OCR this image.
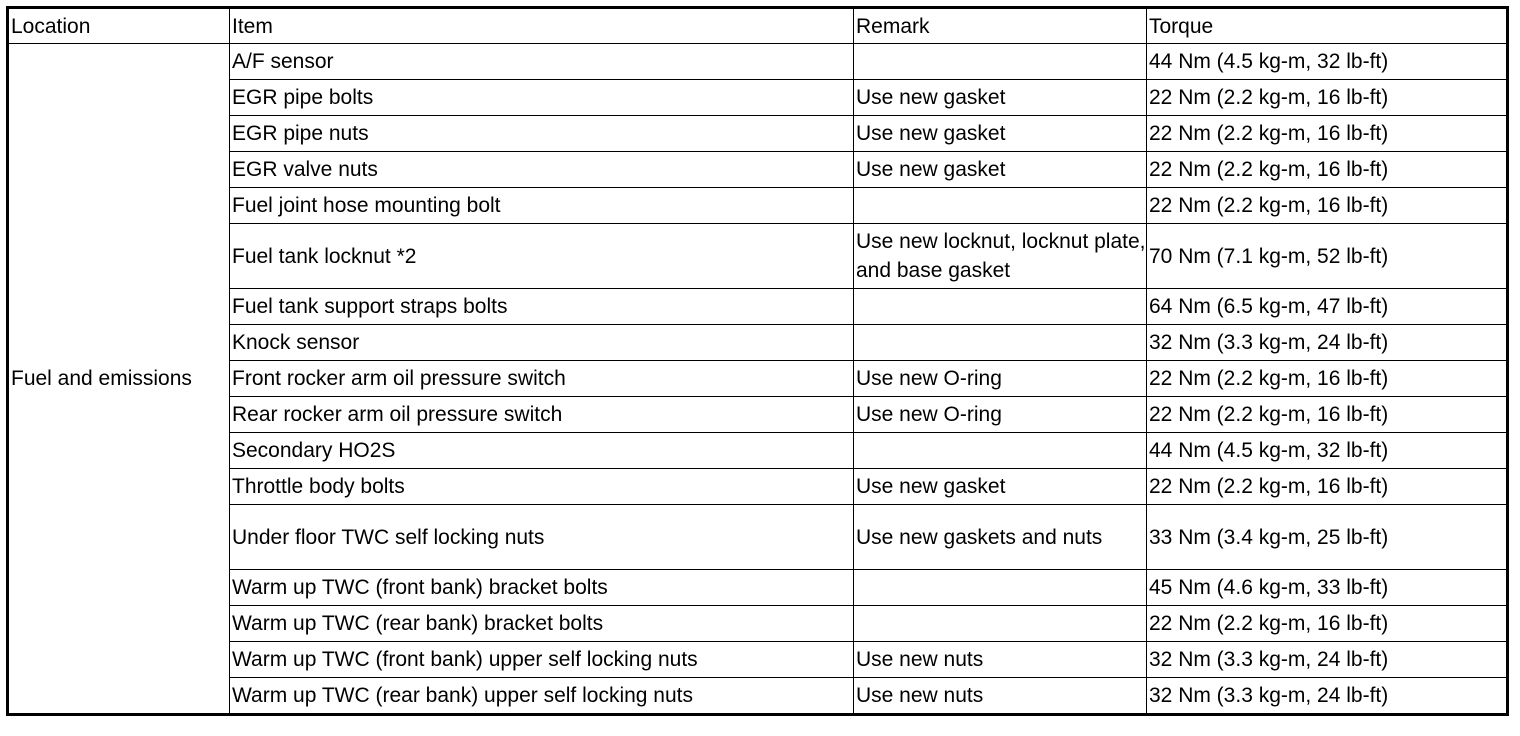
Location	Item	Remark	Torque
Fuel and emissions	A/F sensor		44 Nm (4.5 kg-m, 32 lb-ft)
	EGR pipe bolts	Use new gasket	22 Nm (2.2 kg-m, 16 lb-ft)
	EGR pipe nuts	Use new gasket	22 Nm (2.2 kg-m, 16 lb-ft)
	EGR valve nuts	Use new gasket	22 Nm (2.2 kg-m, 16 lb-ft)
	Fuel joint hose mounting bolt		22 Nm (2.2 kg-m, 16 lb-ft)
	Fuel tank locknut *2	Use new locknut, locknut plate, and base gasket	70 Nm (7.1 kg-m, 52 lb-ft)
	Fuel tank support straps bolts		64 Nm (6.5 kg-m, 47 lb-ft)
	Knock sensor		32 Nm (3.3 kg-m, 24 lb-ft)
	Front rocker arm oil pressure switch	Use new O-ring	22 Nm (2.2 kg-m, 16 lb-ft)
	Rear rocker arm oil pressure switch	Use new O-ring	22 Nm (2.2 kg-m, 16 lb-ft)
	Secondary HO2S		44 Nm (4.5 kg-m, 32 lb-ft)
	Throttle body bolts	Use new gasket	22 Nm (2.2 kg-m, 16 lb-ft)
	Under floor TWC self locking nuts	Use new gaskets and nuts	33 Nm (3.4 kg-m, 25 lb-ft)
	Warm up TWC (front bank) bracket bolts		45 Nm (4.6 kg-m, 33 lb-ft)
	Warm up TWC (rear bank) bracket bolts		22 Nm (2.2 kg-m, 16 lb-ft)
	Warm up TWC (front bank) upper self locking nuts	Use new nuts	32 Nm (3.3 kg-m, 24 lb-ft)
	Warm up TWC (rear bank) upper self locking nuts	Use new nuts	32 Nm (3.3 kg-m, 24 lb-ft)
